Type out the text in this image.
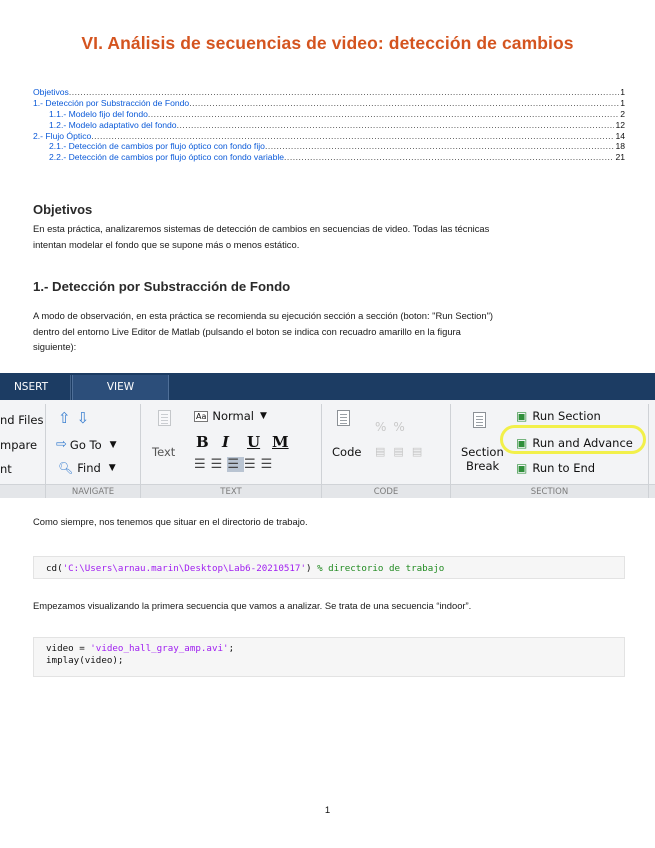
VI. Análisis de secuencias de video: detección de cambios
Objetivos .....	1
1.- Detección por Substracción de Fondo .....	1
1.1.- Modelo fijo del fondo .....	2
1.2.- Modelo adaptativo del fondo .....	12
2.- Flujo Óptico .....	14
2.1.- Detección de cambios por flujo óptico con fondo fijo .....	18
2.2.- Detección de cambios por flujo óptico con fondo variable .....	21
Objetivos
En esta práctica, analizaremos sistemas de detección de cambios en secuencias de video. Todas las técnicas
intentan modelar el fondo que se supone más o menos estático.
1.- Detección por Substracción de Fondo
A modo de observación, en esta práctica se recomienda su ejecución sección a sección (boton: "Run Section")
dentro del entorno Live Editor de Matlab (pulsando el boton se indica con recuadro amarillo en la figura
siguiente):
NSERT	VIEW
nd Files
mpare
nt
⇧ ⇩
⇨ Go To ▼
🔍︎ Find ▼
NAVIGATE
Text
Aa Normal ▼
B I U M
☰ ☰ ☰ ☰ ☰
TEXT
Code
% %
▤ ▤ ▤
CODE
Section
Break
▣ Run Section
▣ Run and Advance
▣ Run to End
SECTION
Como siempre, nos tenemos que situar en el directorio de trabajo.
cd('C:\Users\arnau.marin\Desktop\Lab6-20210517') % directorio de trabajo
Empezamos visualizando la primera secuencia que vamos a analizar. Se trata de una secuencia “indoor”.
video = 'video_hall_gray_amp.avi';
implay(video);
1
